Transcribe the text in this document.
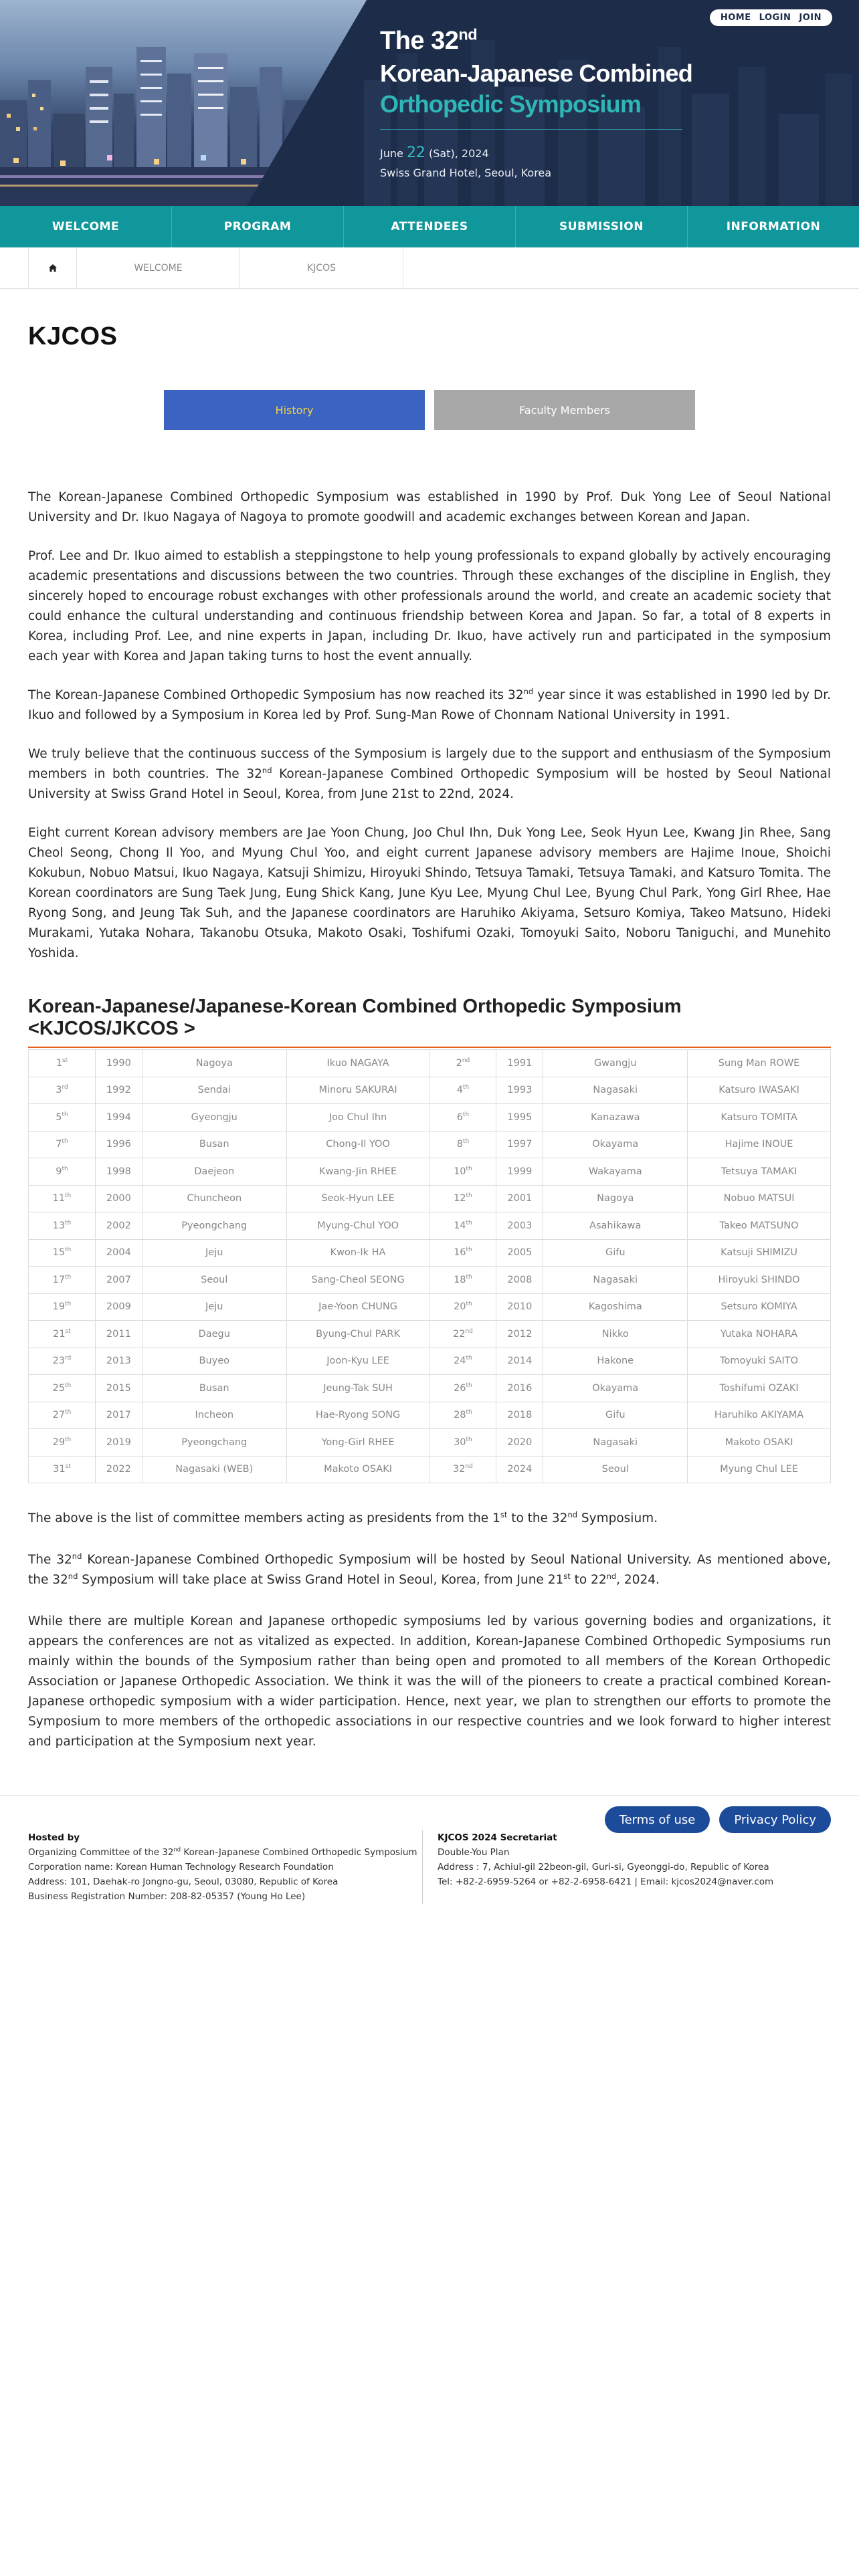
HOME LOGIN JOIN
The 32nd
Korean-Japanese Combined
Orthopedic Symposium
June 22 (Sat), 2024
Swiss Grand Hotel, Seoul, Korea
WELCOME	PROGRAM	ATTENDEES	SUBMISSION	INFORMATION
WELCOME	KJCOS
KJCOS
History	Faculty Members

The Korean-Japanese Combined Orthopedic Symposium was established in 1990 by Prof. Duk Yong Lee of Seoul National University and Dr. Ikuo Nagaya of Nagoya to promote goodwill and academic exchanges between Korean and Japan.

Prof. Lee and Dr. Ikuo aimed to establish a steppingstone to help young professionals to expand globally by actively encouraging academic presentations and discussions between the two countries. Through these exchanges of the discipline in English, they sincerely hoped to encourage robust exchanges with other professionals around the world, and create an academic society that could enhance the cultural understanding and continuous friendship between Korea and Japan. So far, a total of 8 experts in Korea, including Prof. Lee, and nine experts in Japan, including Dr. Ikuo, have actively run and participated in the symposium each year with Korea and Japan taking turns to host the event annually.

The Korean-Japanese Combined Orthopedic Symposium has now reached its 32nd year since it was established in 1990 led by Dr. Ikuo and followed by a Symposium in Korea led by Prof. Sung-Man Rowe of Chonnam National University in 1991.

We truly believe that the continuous success of the Symposium is largely due to the support and enthusiasm of the Symposium members in both countries. The 32nd Korean-Japanese Combined Orthopedic Symposium will be hosted by Seoul National University at Swiss Grand Hotel in Seoul, Korea, from June 21st to 22nd, 2024.

Eight current Korean advisory members are Jae Yoon Chung, Joo Chul Ihn, Duk Yong Lee, Seok Hyun Lee, Kwang Jin Rhee, Sang Cheol Seong, Chong Il Yoo, and Myung Chul Yoo, and eight current Japanese advisory members are Hajime Inoue, Shoichi Kokubun, Nobuo Matsui, Ikuo Nagaya, Katsuji Shimizu, Hiroyuki Shindo, Tetsuya Tamaki, Tetsuya Tamaki, and Katsuro Tomita. The Korean coordinators are Sung Taek Jung, Eung Shick Kang, June Kyu Lee, Myung Chul Lee, Byung Chul Park, Yong Girl Rhee, Hae Ryong Song, and Jeung Tak Suh, and the Japanese coordinators are Haruhiko Akiyama, Setsuro Komiya, Takeo Matsuno, Hideki Murakami, Yutaka Nohara, Takanobu Otsuka, Makoto Osaki, Toshifumi Ozaki, Tomoyuki Saito, Noboru Taniguchi, and Munehito Yoshida.

Korean-Japanese/Japanese-Korean Combined Orthopedic Symposium <KJCOS/JKCOS >
1st	1990	Nagoya	Ikuo NAGAYA	2nd	1991	Gwangju	Sung Man ROWE
3rd	1992	Sendai	Minoru SAKURAI	4th	1993	Nagasaki	Katsuro IWASAKI
5th	1994	Gyeongju	Joo Chul Ihn	6th	1995	Kanazawa	Katsuro TOMITA
7th	1996	Busan	Chong-Il YOO	8th	1997	Okayama	Hajime INOUE
9th	1998	Daejeon	Kwang-Jin RHEE	10th	1999	Wakayama	Tetsuya TAMAKI
11th	2000	Chuncheon	Seok-Hyun LEE	12th	2001	Nagoya	Nobuo MATSUI
13th	2002	Pyeongchang	Myung-Chul YOO	14th	2003	Asahikawa	Takeo MATSUNO
15th	2004	Jeju	Kwon-Ik HA	16th	2005	Gifu	Katsuji SHIMIZU
17th	2007	Seoul	Sang-Cheol SEONG	18th	2008	Nagasaki	Hiroyuki SHINDO
19th	2009	Jeju	Jae-Yoon CHUNG	20th	2010	Kagoshima	Setsuro KOMIYA
21st	2011	Daegu	Byung-Chul PARK	22nd	2012	Nikko	Yutaka NOHARA
23rd	2013	Buyeo	Joon-Kyu LEE	24th	2014	Hakone	Tomoyuki SAITO
25th	2015	Busan	Jeung-Tak SUH	26th	2016	Okayama	Toshifumi OZAKI
27th	2017	Incheon	Hae-Ryong SONG	28th	2018	Gifu	Haruhiko AKIYAMA
29th	2019	Pyeongchang	Yong-Girl RHEE	30th	2020	Nagasaki	Makoto OSAKI
31st	2022	Nagasaki (WEB)	Makoto OSAKI	32nd	2024	Seoul	Myung Chul LEE

The above is the list of committee members acting as presidents from the 1st to the 32nd Symposium.

The 32nd Korean-Japanese Combined Orthopedic Symposium will be hosted by Seoul National University. As mentioned above, the 32nd Symposium will take place at Swiss Grand Hotel in Seoul, Korea, from June 21st to 22nd, 2024.

While there are multiple Korean and Japanese orthopedic symposiums led by various governing bodies and organizations, it appears the conferences are not as vitalized as expected. In addition, Korean-Japanese Combined Orthopedic Symposiums run mainly within the bounds of the Symposium rather than being open and promoted to all members of the Korean Orthopedic Association or Japanese Orthopedic Association. We think it was the will of the pioneers to create a practical combined Korean-Japanese orthopedic symposium with a wider participation. Hence, next year, we plan to strengthen our efforts to promote the Symposium to more members of the orthopedic associations in our respective countries and we look forward to higher interest and participation at the Symposium next year.

Terms of use	Privacy Policy
Hosted by
Organizing Committee of the 32nd Korean-Japanese Combined Orthopedic Symposium
Corporation name: Korean Human Technology Research Foundation
Address: 101, Daehak-ro Jongno-gu, Seoul, 03080, Republic of Korea
Business Registration Number: 208-82-05357 (Young Ho Lee)
KJCOS 2024 Secretariat
Double-You Plan
Address : 7, Achiul-gil 22beon-gil, Guri-si, Gyeonggi-do, Republic of Korea
Tel: +82-2-6959-5264 or +82-2-6958-6421 | Email: kjcos2024@naver.com
